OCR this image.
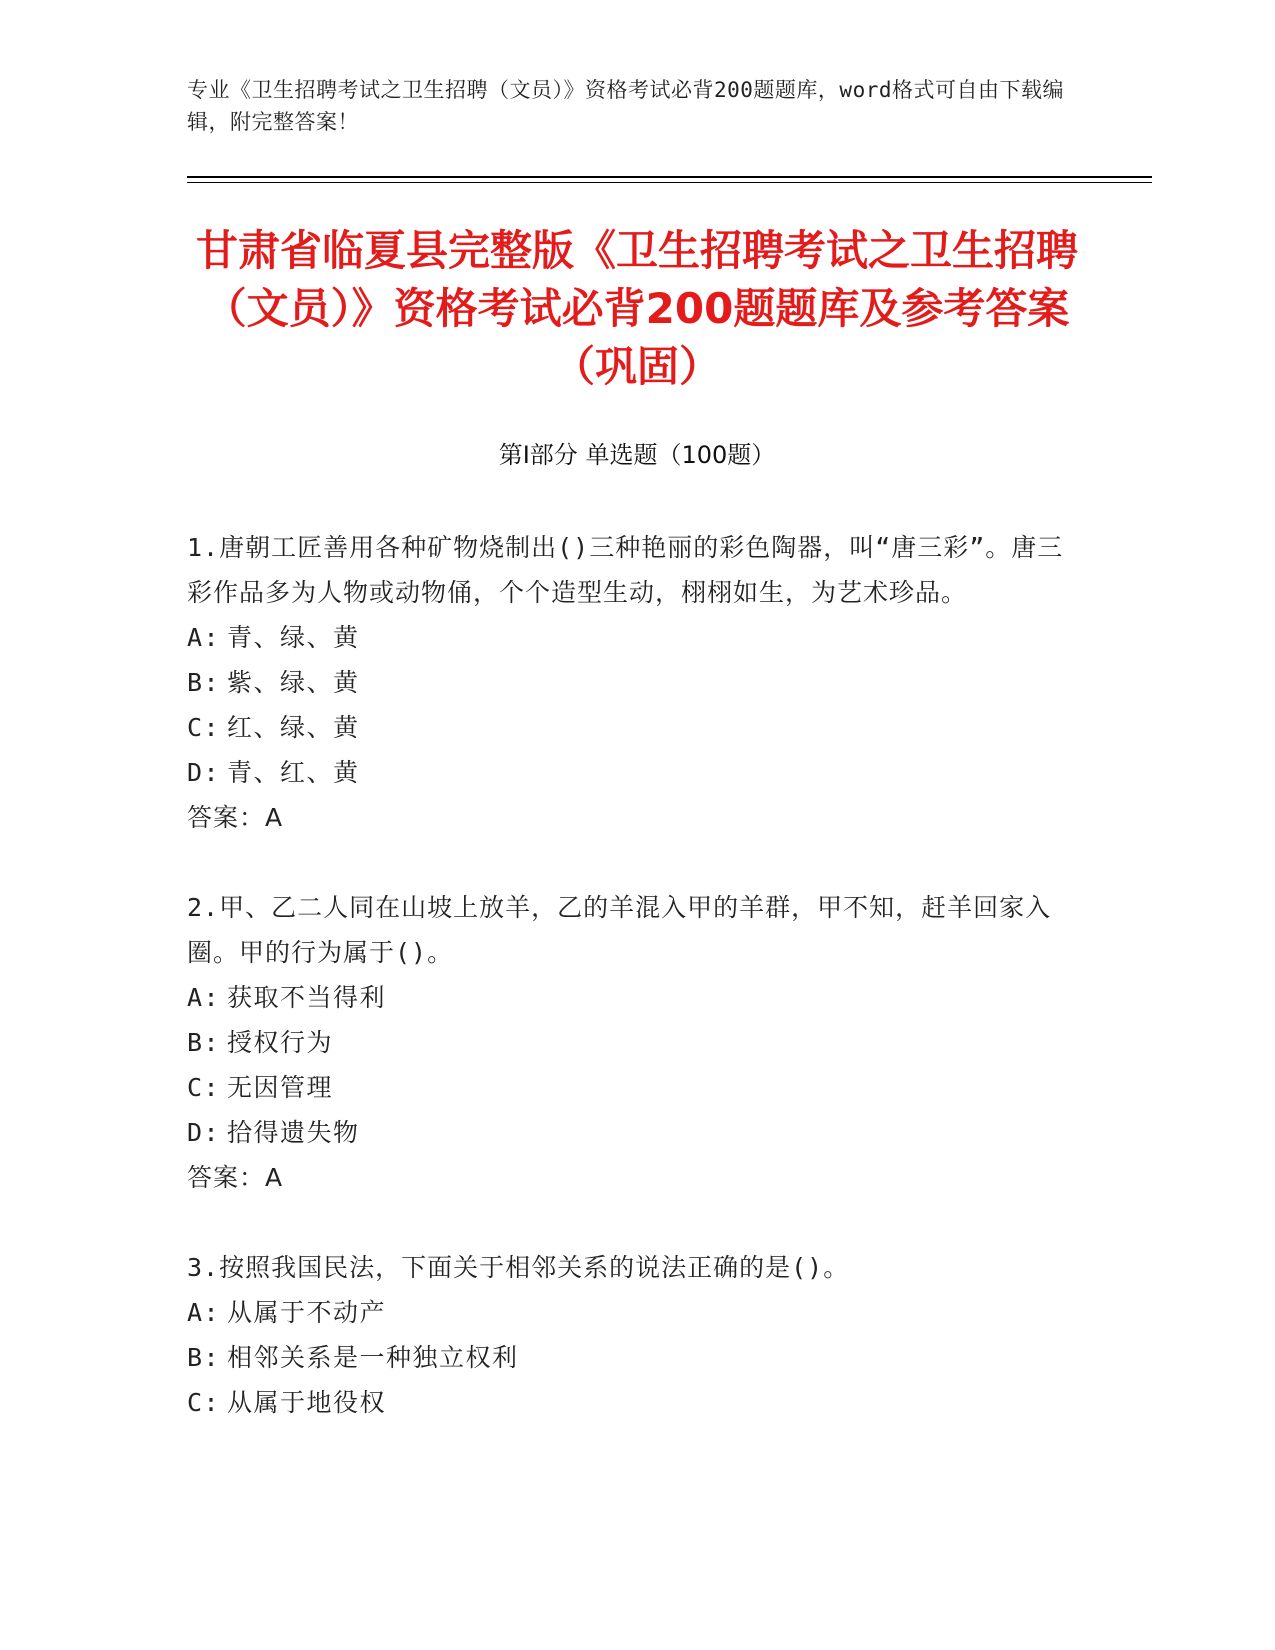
专业《卫生招聘考试之卫生招聘（文员）》资格考试必背200题题库，word格式可自由下载编辑，附完整答案！
甘肃省临夏县完整版《卫生招聘考试之卫生招聘（文员）》资格考试必背200题题库及参考答案（巩固）
第Ⅰ部分 单选题（100题）
1.唐朝工匠善用各种矿物烧制出()三种艳丽的彩色陶器，叫“唐三彩”。唐三彩作品多为人物或动物俑，个个造型生动，栩栩如生，为艺术珍品。
A: 青、绿、黄
B: 紫、绿、黄
C: 红、绿、黄
D: 青、红、黄
答案：A
2.甲、乙二人同在山坡上放羊，乙的羊混入甲的羊群，甲不知，赶羊回家入圈。甲的行为属于()。
A: 获取不当得利
B: 授权行为
C: 无因管理
D: 拾得遗失物
答案：A
3.按照我国民法，下面关于相邻关系的说法正确的是()。
A: 从属于不动产
B: 相邻关系是一种独立权利
C: 从属于地役权
